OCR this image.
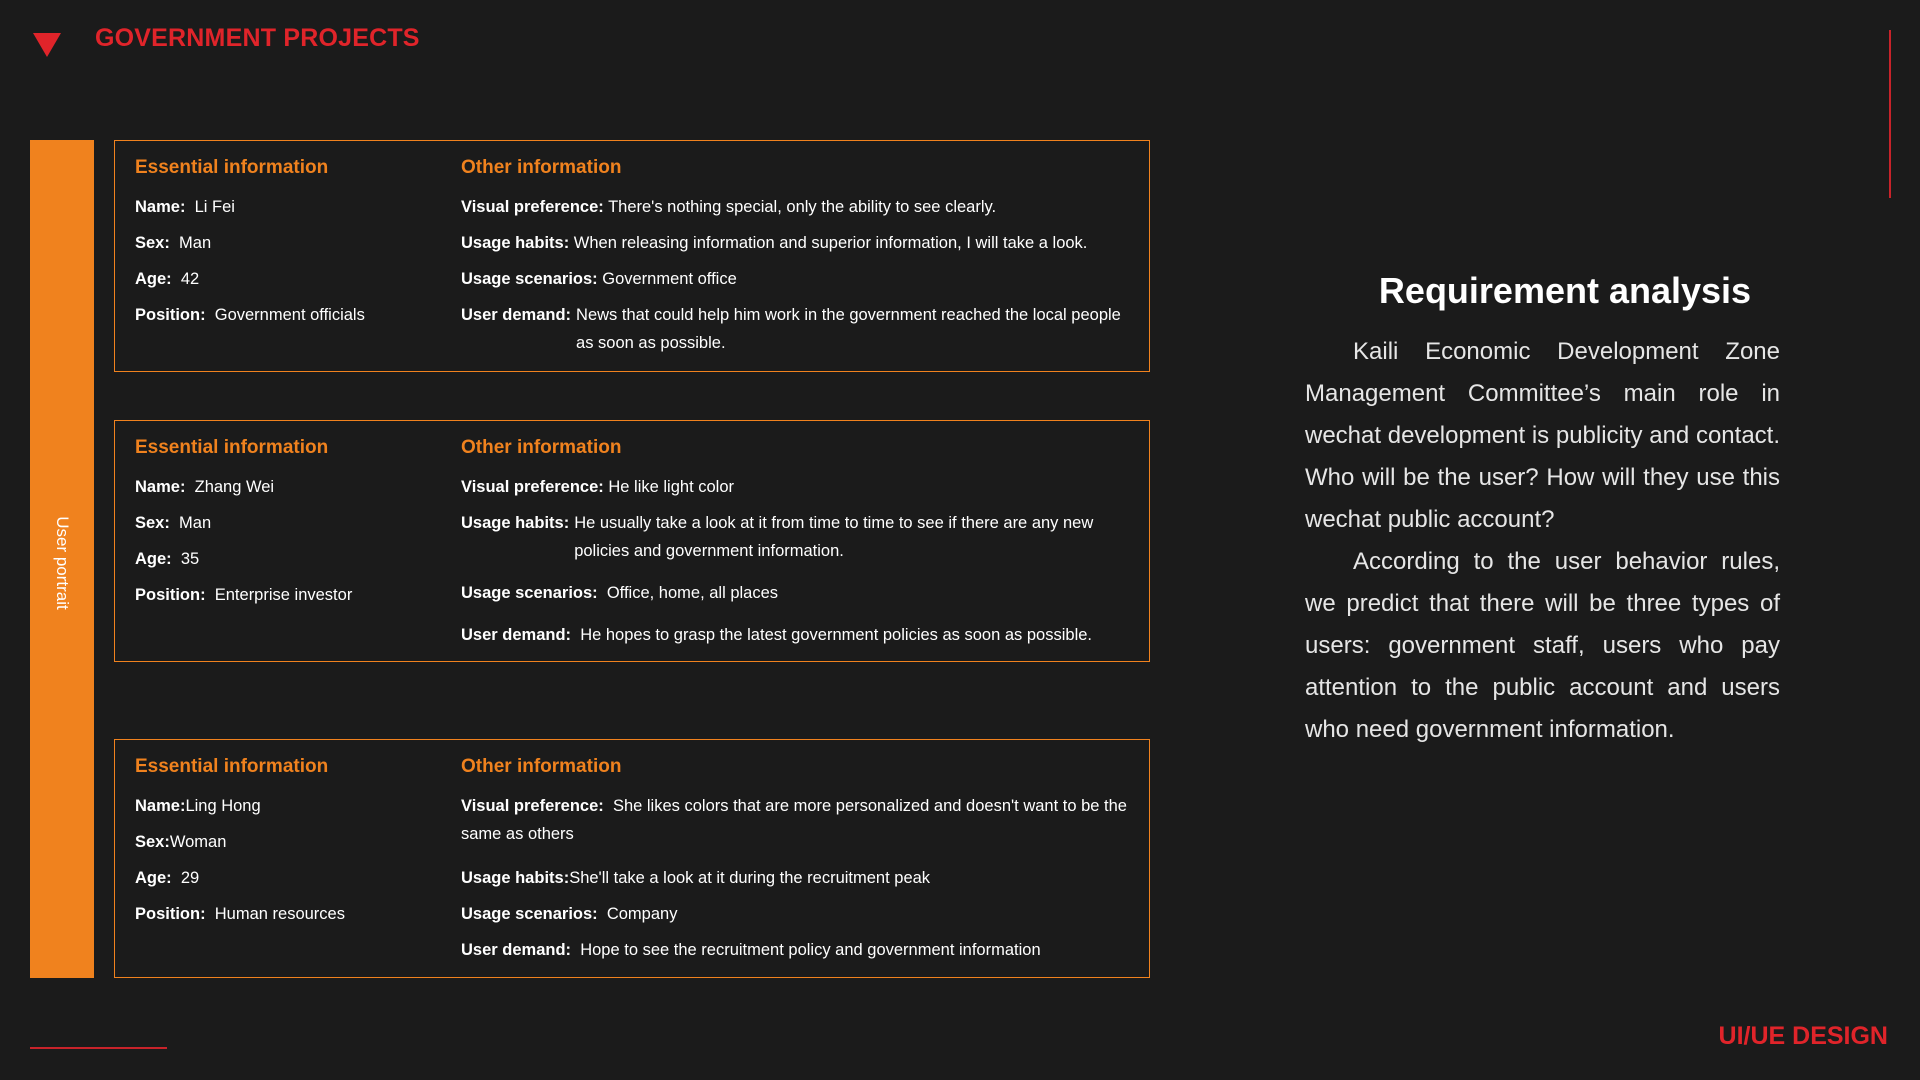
GOVERNMENT PROJECTS
User portrait
Essential information	Other information
Name: Li Fei
Sex: Man
Age: 42
Position: Government officials
Visual preference: There's nothing special, only the ability to see clearly.
Usage habits: When releasing information and superior information, I will take a look.
Usage scenarios: Government office
User demand: News that could help him work in the government reached the local people as soon as possible.
Essential information	Other information
Name: Zhang Wei
Sex: Man
Age: 35
Position: Enterprise investor
Visual preference: He like light color
Usage habits: He usually take a look at it from time to time to see if there are any new policies and government information.
Usage scenarios: Office, home, all places
User demand: He hopes to grasp the latest government policies as soon as possible.
Essential information	Other information
Name:Ling Hong
Sex:Woman
Age: 29
Position: Human resources
Visual preference: She likes colors that are more personalized and doesn't want to be the same as others
Usage habits:She'll take a look at it during the recruitment peak
Usage scenarios: Company
User demand: Hope to see the recruitment policy and government information
Requirement analysis
Kaili Economic Development Zone Management Committee’s main role in wechat development is publicity and contact. Who will be the user? How will they use this wechat public account?
According to the user behavior rules, we predict that there will be three types of users: government staff, users who pay attention to the public account and users who need government information.
UI/UE DESIGN
